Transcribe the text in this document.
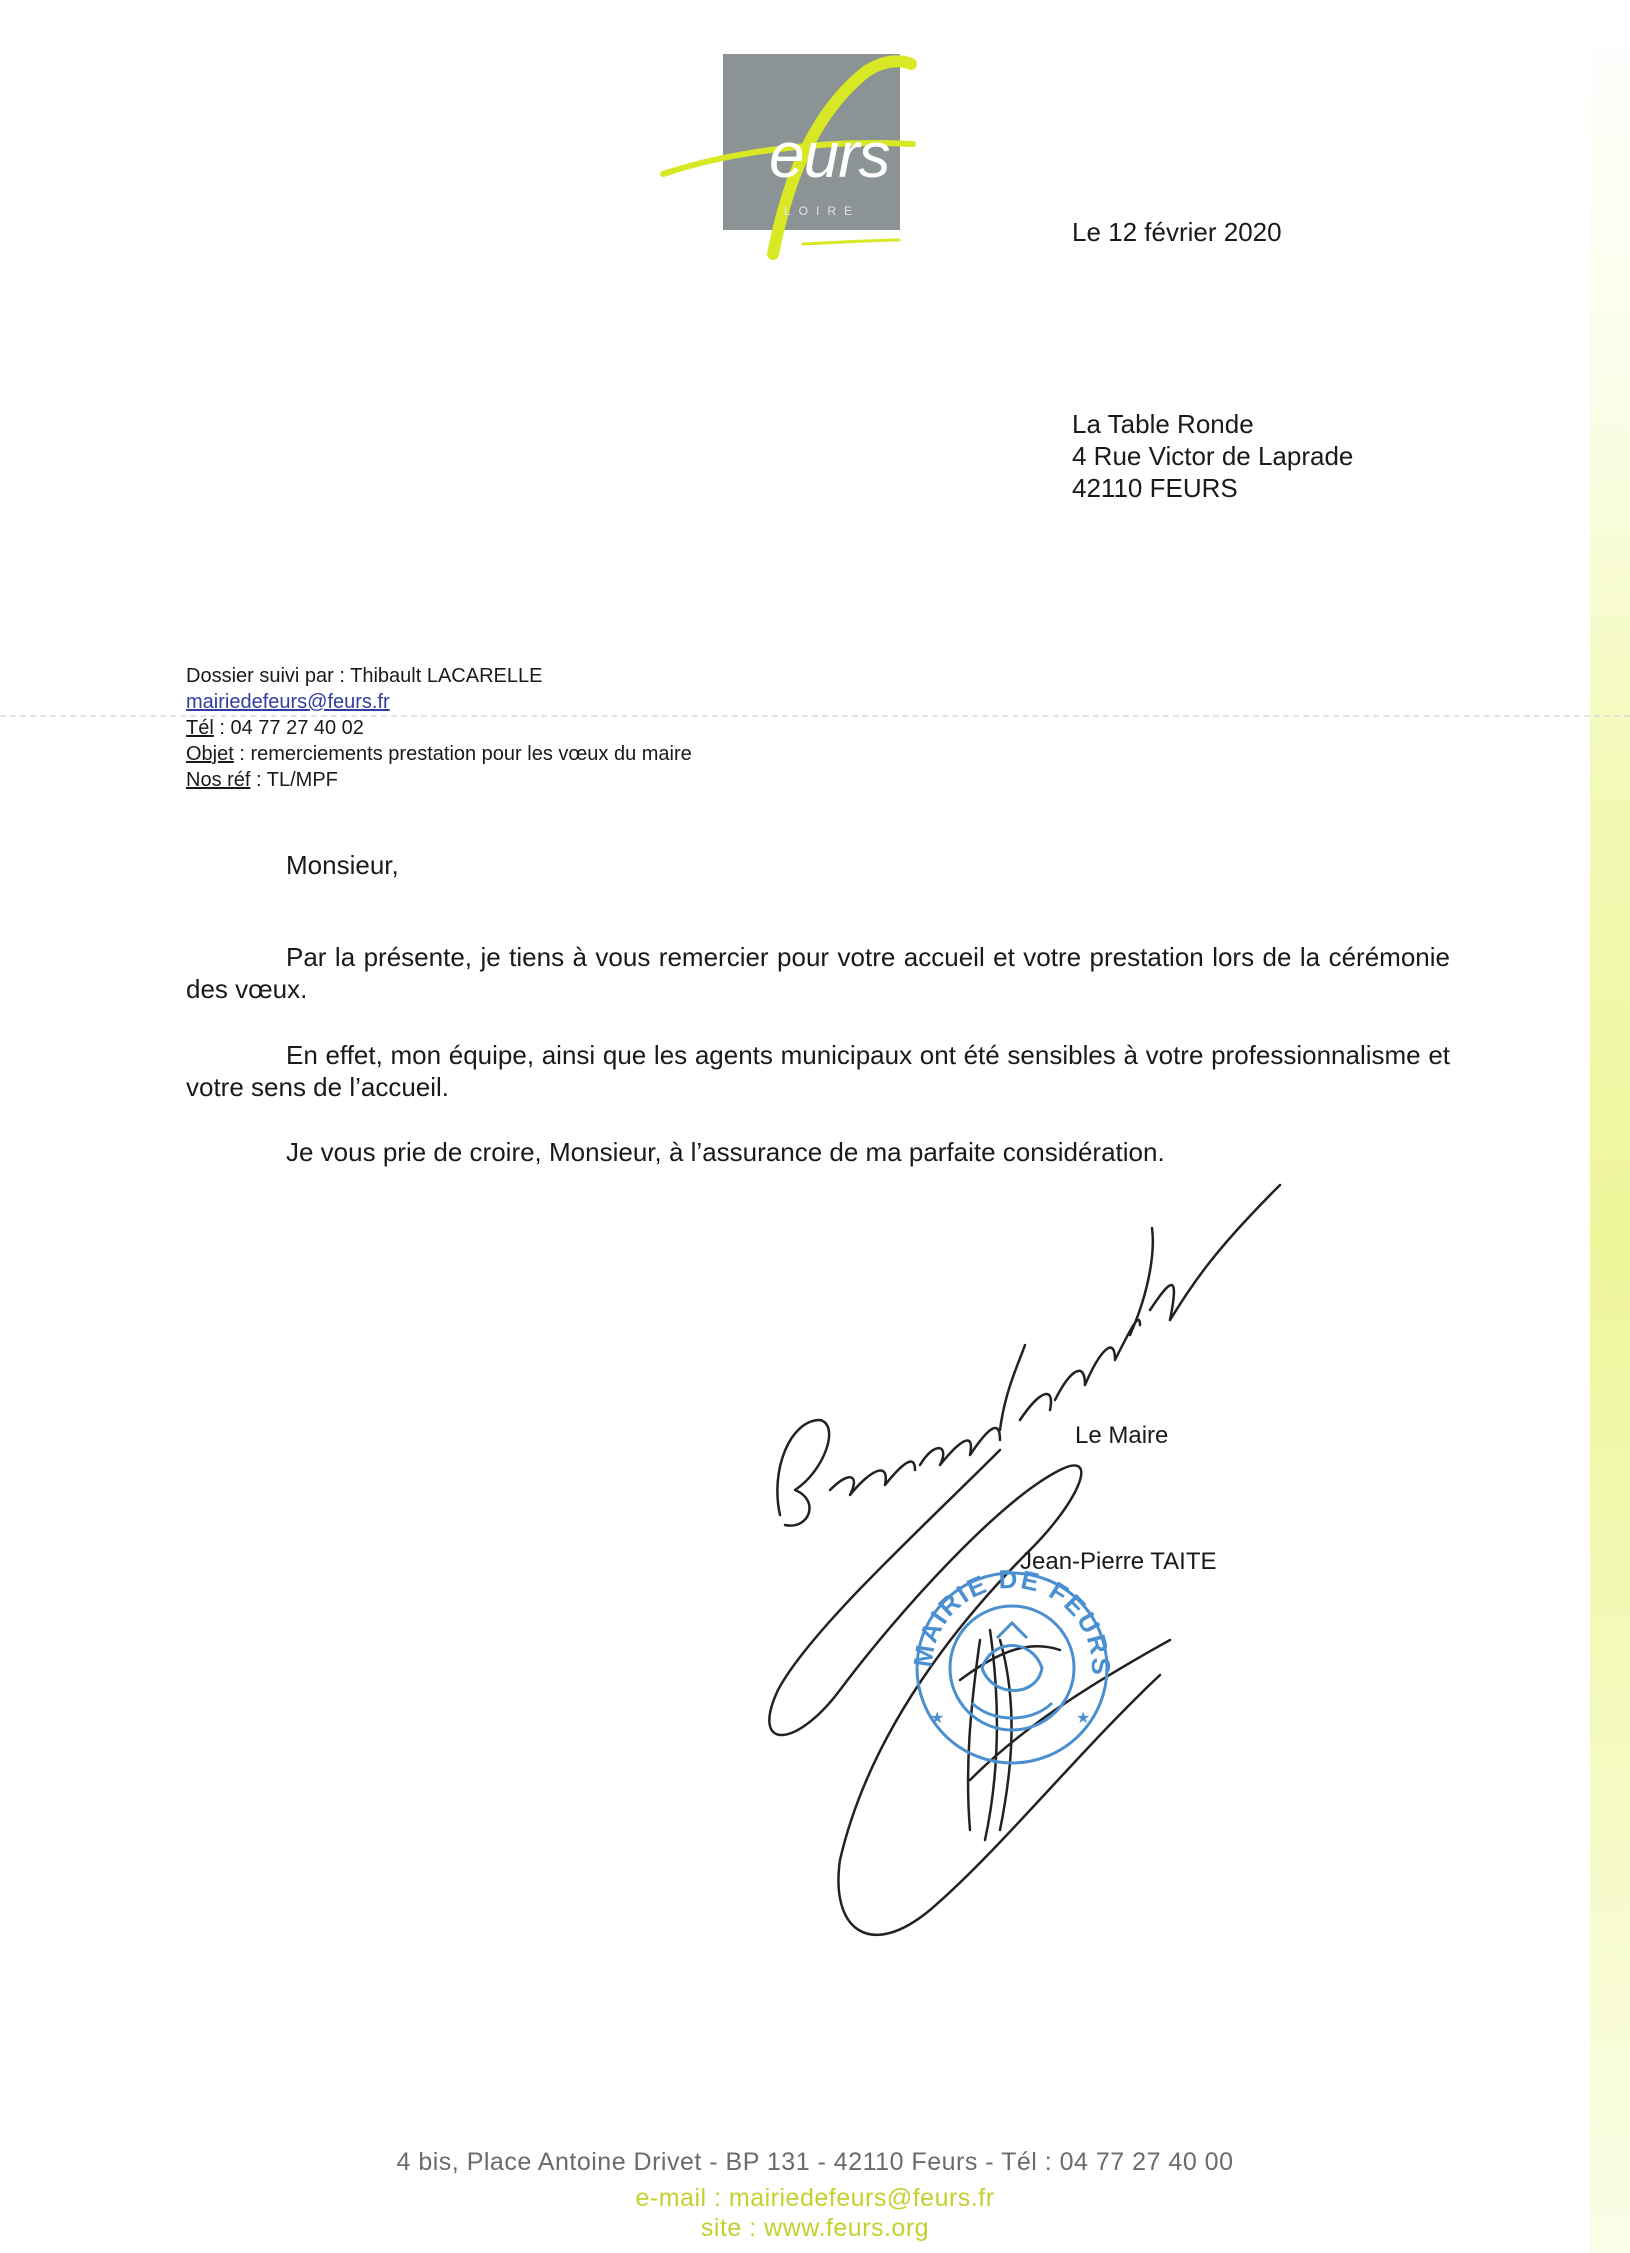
eurs
LOIRE
Le 12 février 2020
La Table Ronde
4 Rue Victor de Laprade
42110 FEURS
Dossier suivi par : Thibault LACARELLE
mairiedefeurs@feurs.fr
Tél : 04 77 27 40 02
Objet : remerciements prestation pour les vœux du maire
Nos réf : TL/MPF
Monsieur,
Par la présente, je tiens à vous remercier pour votre accueil et votre prestation lors de la cérémonie des vœux.
En effet, mon équipe, ainsi que les agents municipaux ont été sensibles à votre professionnalisme et votre sens de l’accueil.
Je vous prie de croire, Monsieur, à l’assurance de ma parfaite considération.
Le Maire
Jean-Pierre TAITE
MAIRIE DE FEURS
★	★
4 bis, Place Antoine Drivet - BP 131 - 42110 Feurs - Tél : 04 77 27 40 00
e-mail : mairiedefeurs@feurs.fr
site : www.feurs.org
